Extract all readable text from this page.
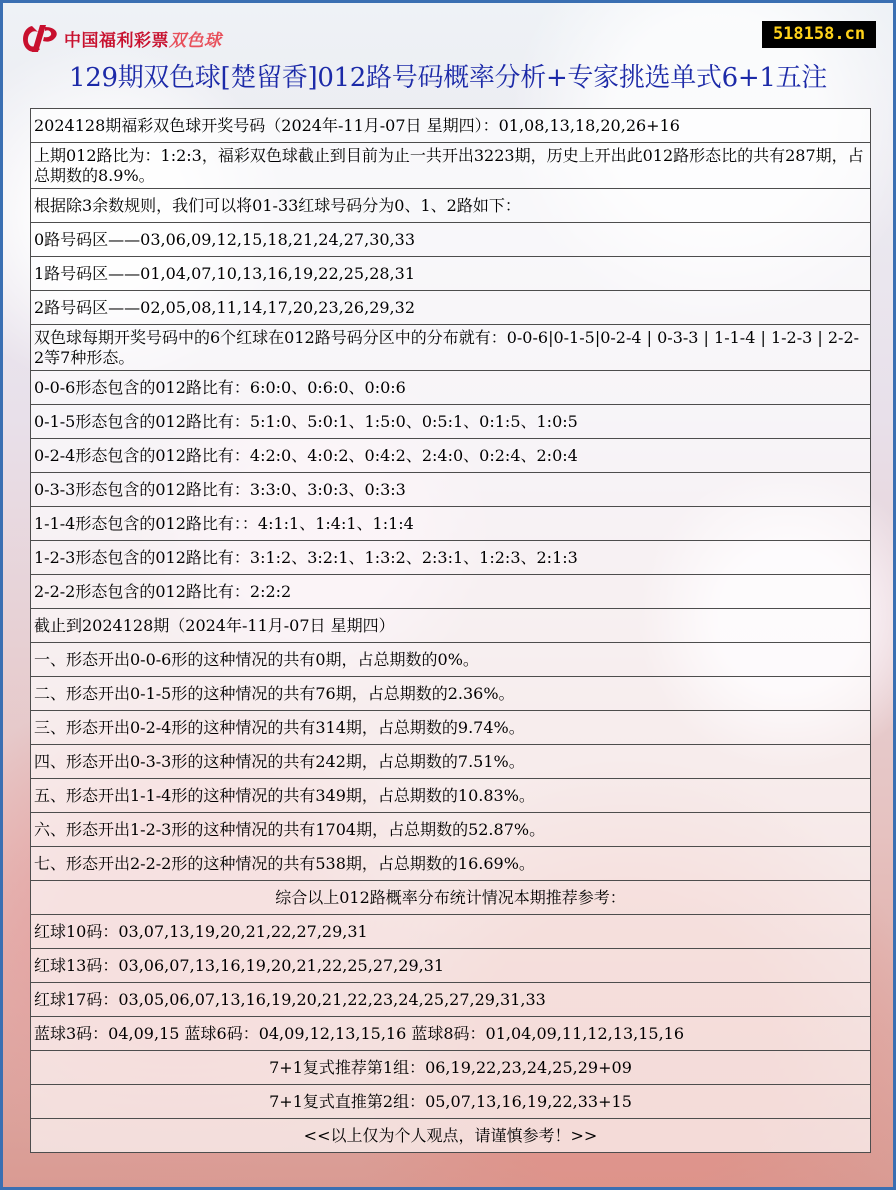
中国福利彩票双色球	518158.cn
129期双色球[楚留香]012路号码概率分析+专家挑选单式6+1五注
2024128期福彩双色球开奖号码（2024年-11月-07日 星期四）：01,08,13,18,20,26+16
上期012路比为：1:2:3，福彩双色球截止到目前为止一共开出3223期，历史上开出此012路形态比的共有287期，占总期数的8.9%。
根据除3余数规则，我们可以将01-33红球号码分为0、1、2路如下：
0路号码区——03,06,09,12,15,18,21,24,27,30,33
1路号码区——01,04,07,10,13,16,19,22,25,28,31
2路号码区——02,05,08,11,14,17,20,23,26,29,32
双色球每期开奖号码中的6个红球在012路号码分区中的分布就有：0-0-6|0-1-5|0-2-4 | 0-3-3 | 1-1-4 | 1-2-3 | 2-2-2等7种形态。
0-0-6形态包含的012路比有：6:0:0、0:6:0、0:0:6
0-1-5形态包含的012路比有：5:1:0、5:0:1、1:5:0、0:5:1、0:1:5、1:0:5
0-2-4形态包含的012路比有：4:2:0、4:0:2、0:4:2、2:4:0、0:2:4、2:0:4
0-3-3形态包含的012路比有：3:3:0、3:0:3、0:3:3
1-1-4形态包含的012路比有：：4:1:1、1:4:1、1:1:4
1-2-3形态包含的012路比有：3:1:2、3:2:1、1:3:2、2:3:1、1:2:3、2:1:3
2-2-2形态包含的012路比有：2:2:2
截止到2024128期（2024年-11月-07日 星期四）
一、形态开出0-0-6形的这种情况的共有0期，占总期数的0%。
二、形态开出0-1-5形的这种情况的共有76期，占总期数的2.36%。
三、形态开出0-2-4形的这种情况的共有314期，占总期数的9.74%。
四、形态开出0-3-3形的这种情况的共有242期，占总期数的7.51%。
五、形态开出1-1-4形的这种情况的共有349期，占总期数的10.83%。
六、形态开出1-2-3形的这种情况的共有1704期，占总期数的52.87%。
七、形态开出2-2-2形的这种情况的共有538期，占总期数的16.69%。
综合以上012路概率分布统计情况本期推荐参考：
红球10码：03,07,13,19,20,21,22,27,29,31
红球13码：03,06,07,13,16,19,20,21,22,25,27,29,31
红球17码：03,05,06,07,13,16,19,20,21,22,23,24,25,27,29,31,33
蓝球3码：04,09,15 蓝球6码：04,09,12,13,15,16 蓝球8码：01,04,09,11,12,13,15,16
7+1复式推荐第1组：06,19,22,23,24,25,29+09
7+1复式直推第2组：05,07,13,16,19,22,33+15
<<以上仅为个人观点，请谨慎参考！>>
